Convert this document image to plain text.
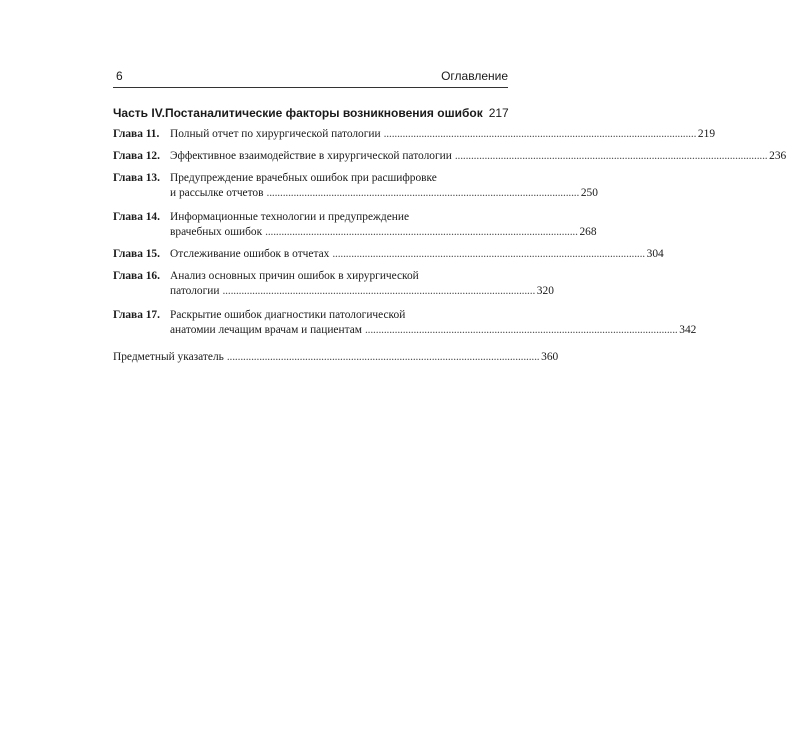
6	Оглавление
Часть IV. Постаналитические факторы возникновения ошибок 217
Глава 11. Полный отчет по хирургической патологии . . .	219
Глава 12. Эффективное взаимодействие в хирургической патологии . . .	236
Глава 13. Предупреждение врачебных ошибок при расшифровке
и рассылке отчетов . . .	250
Глава 14. Информационные технологии и предупреждение
врачебных ошибок . . .	268
Глава 15. Отслеживание ошибок в отчетах . . .	304
Глава 16. Анализ основных причин ошибок в хирургической
патологии . . .	320
Глава 17. Раскрытие ошибок диагностики патологической
анатомии лечащим врачам и пациентам . . .	342
Предметный указатель . . .	360
